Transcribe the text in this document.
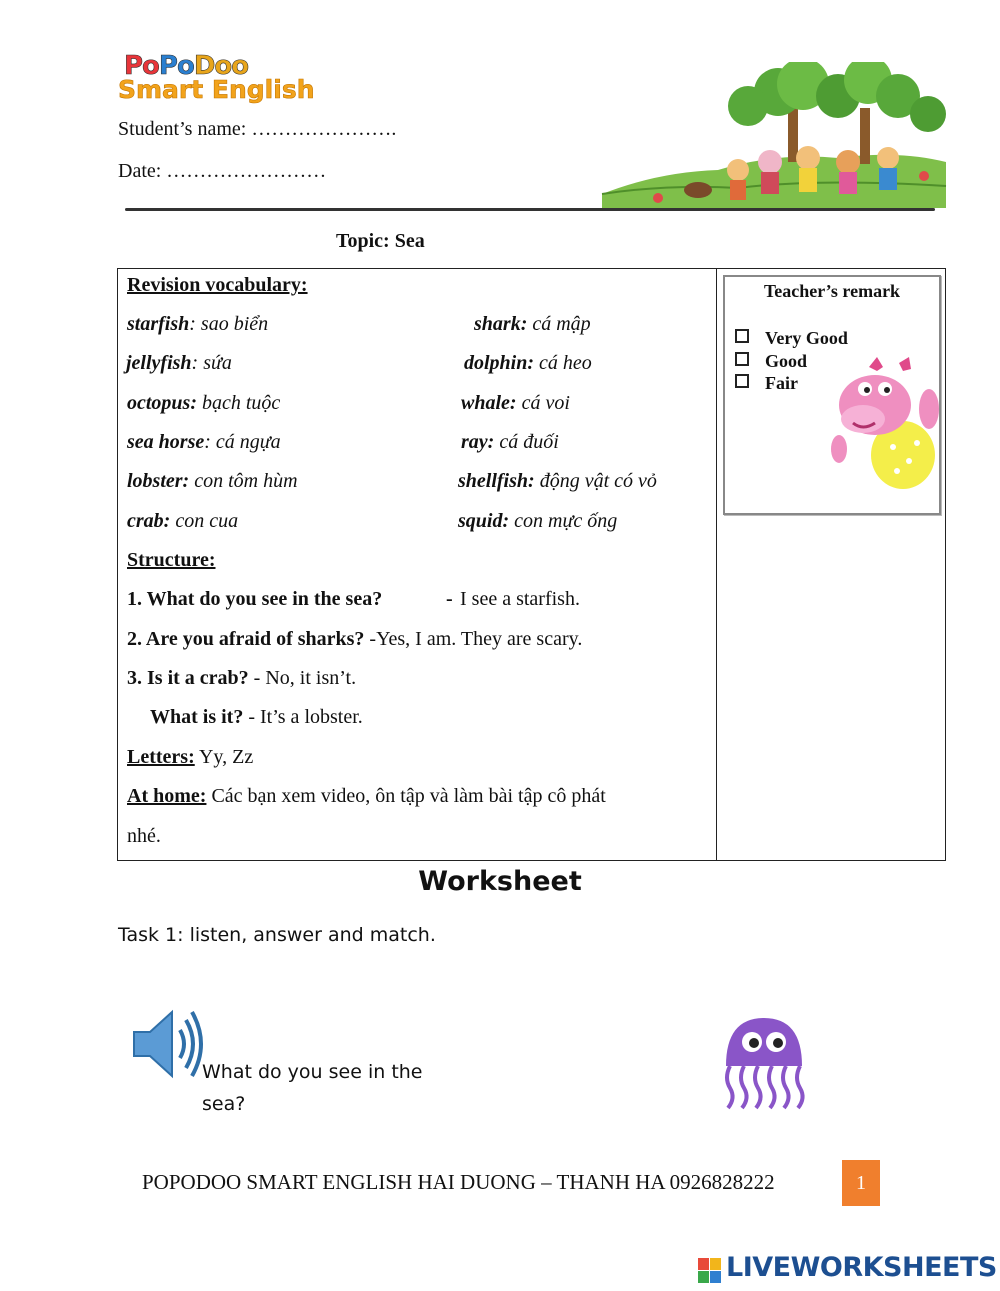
PoPoDoo
Smart English
Student’s name: ………………….
Date: ……………………
Topic: Sea
Revision vocabulary:
starfish: sao biển
jellyfish: sứa
octopus: bạch tuộc
sea horse: cá ngựa
lobster: con tôm hùm
crab: con cua
shark: cá mập
dolphin: cá heo
whale: cá voi
ray: cá đuối
shellfish: động vật có vỏ
squid: con mực ống
Structure:
1. What do you see in the sea?	- I see a starfish.
2. Are you afraid of sharks? -Yes, I am. They are scary.
3. Is it a crab? - No, it isn’t.
What is it? - It’s a lobster.
Letters: Yy, Zz
At home: Các bạn xem video, ôn tập và làm bài tập cô phát
nhé.
Teacher’s remark
Very Good
Good
Fair
Worksheet
Task 1: listen, answer and match.
What do you see in the sea?
POPODOO SMART ENGLISH HAI DUONG – THANH HA 0926828222	1
LIVEWORKSHEETS
